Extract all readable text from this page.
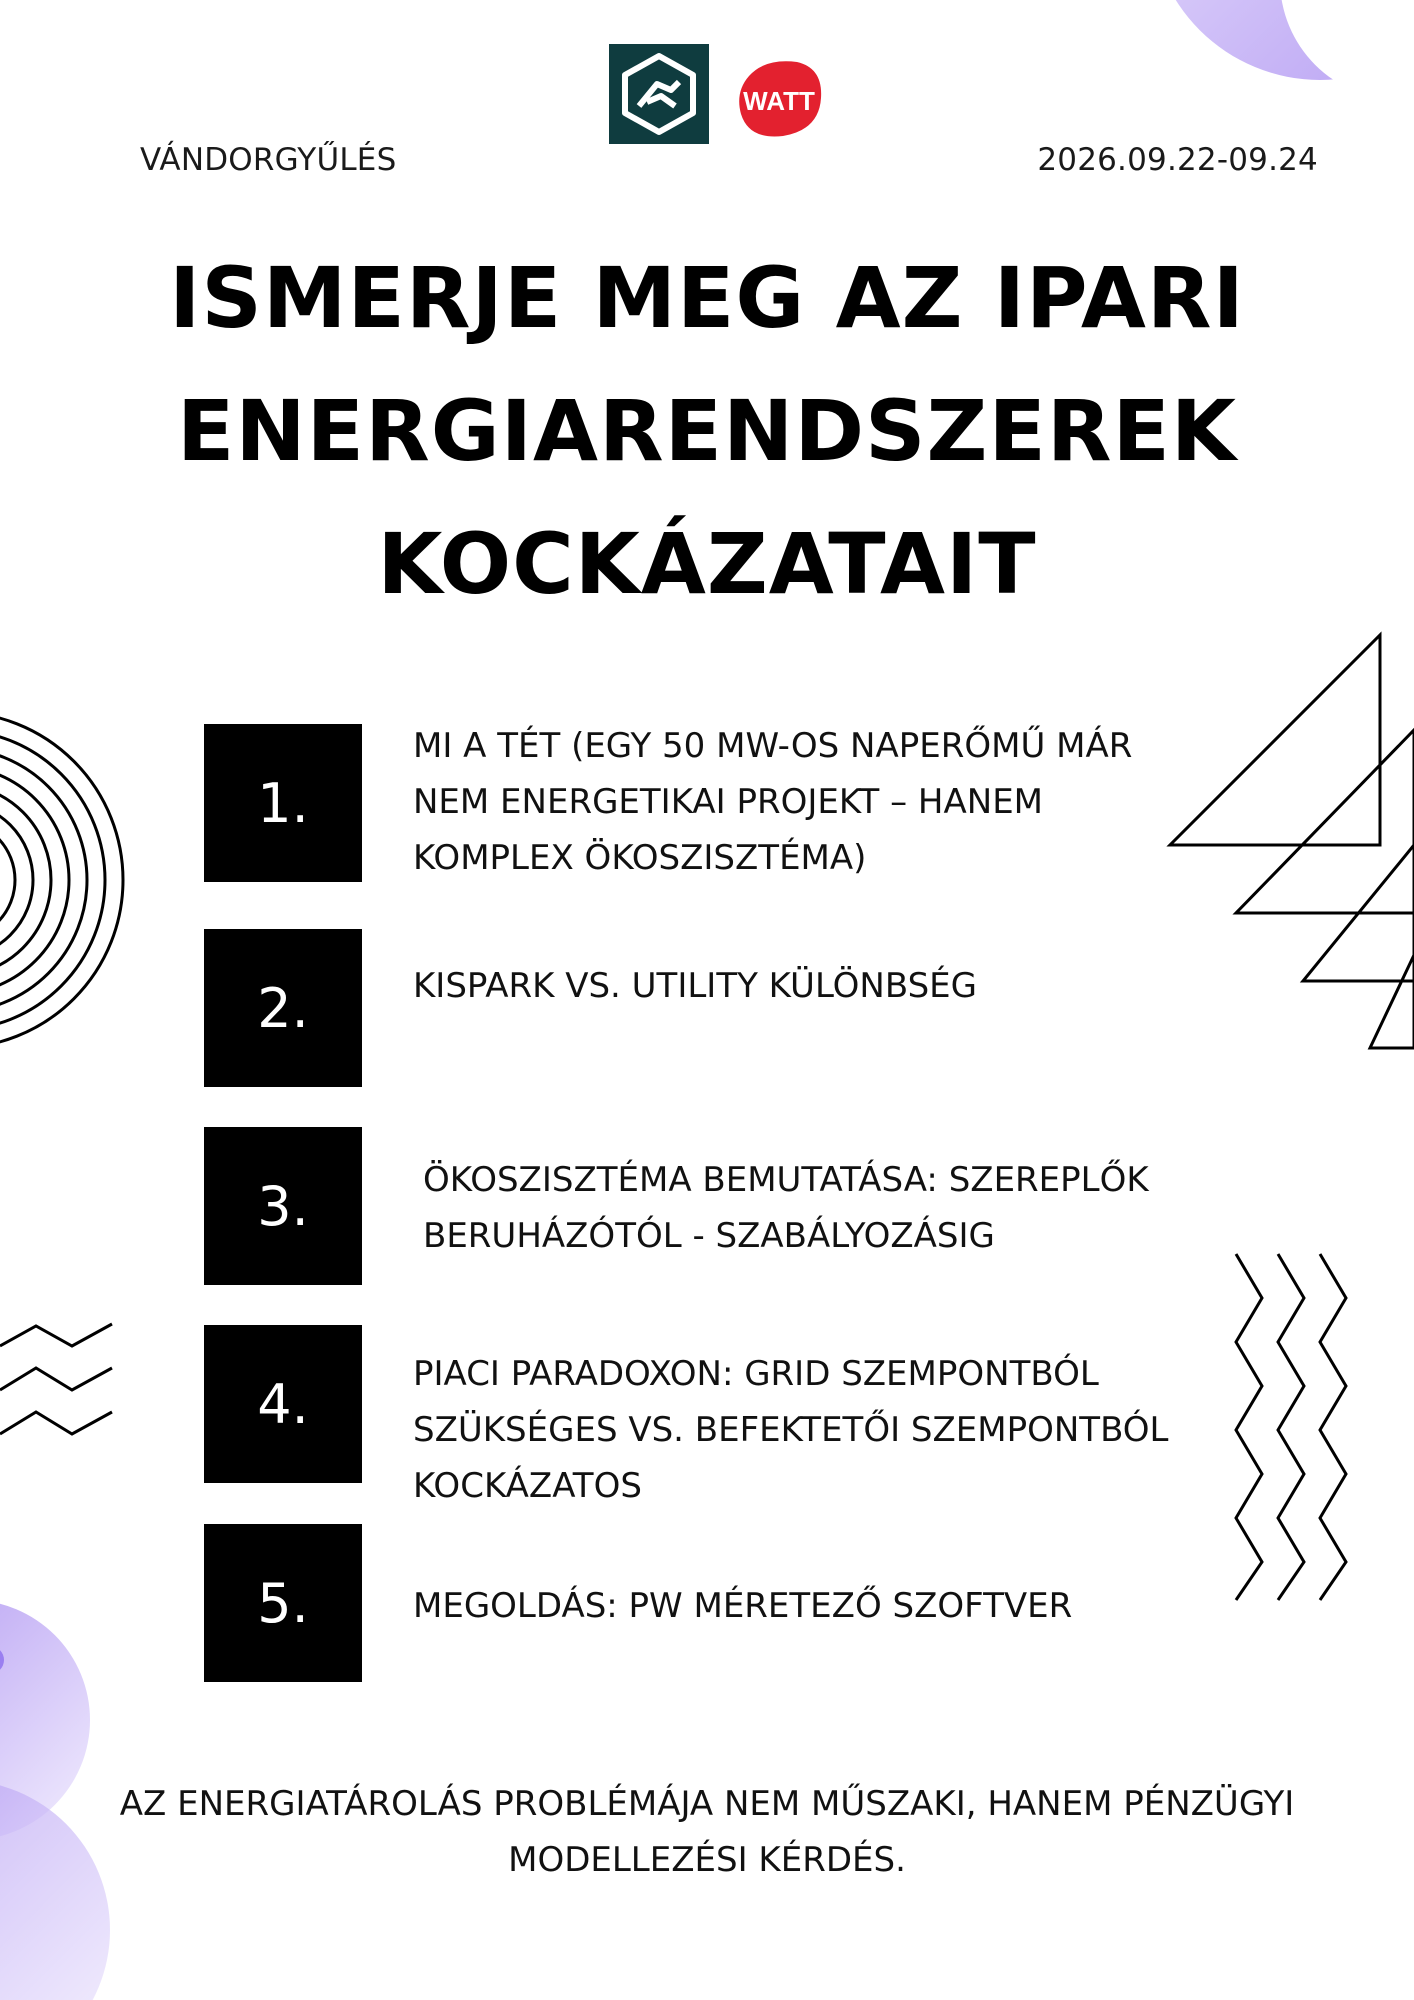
WATT
VÁNDORGYŰLÉS	2026.09.22-09.24
ISMERJE MEG AZ IPARI
ENERGIARENDSZEREK
KOCKÁZATAIT
1.

MI A TÉT (EGY 50 MW-OS NAPERŐMŰ MÁR
NEM ENERGETIKAI PROJEKT – HANEM
KOMPLEX ÖKOSZISZTÉMA)

2.	KISPARK VS. UTILITY KÜLÖNBSÉG

3.	ÖKOSZISZTÉMA BEMUTATÁSA: SZEREPLŐK
BERUHÁZÓTÓL - SZABÁLYOZÁSIG

4.	PIACI PARADOXON: GRID SZEMPONTBÓL
SZÜKSÉGES VS. BEFEKTETŐI SZEMPONTBÓL
KOCKÁZATOS

5.	MEGOLDÁS: PW MÉRETEZŐ SZOFTVER

AZ ENERGIATÁROLÁS PROBLÉMÁJA NEM MŰSZAKI, HANEM PÉNZÜGYI
MODELLEZÉSI KÉRDÉS.
